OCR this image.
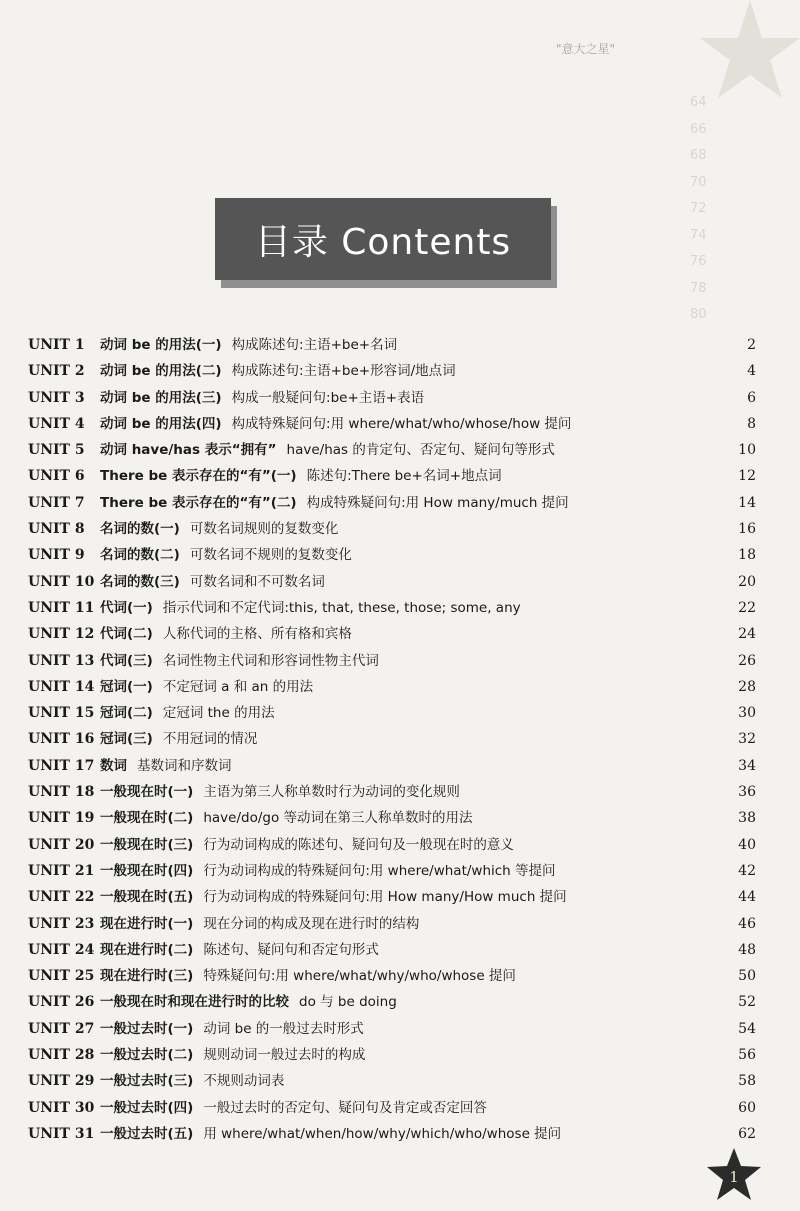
64
66
68
70
72
74
76
78
80
"意大之星"
目录 Contents
UNIT 1	动词 be 的用法(一) 构成陈述句:主语+be+名词	2
UNIT 2	动词 be 的用法(二) 构成陈述句:主语+be+形容词/地点词	4
UNIT 3	动词 be 的用法(三) 构成一般疑问句:be+主语+表语	6
UNIT 4	动词 be 的用法(四) 构成特殊疑问句:用 where/what/who/whose/how 提问	8
UNIT 5	动词 have/has 表示“拥有” have/has 的肯定句、否定句、疑问句等形式	10
UNIT 6	There be 表示存在的“有”(一) 陈述句:There be+名词+地点词	12
UNIT 7	There be 表示存在的“有”(二) 构成特殊疑问句:用 How many/much 提问	14
UNIT 8	名词的数(一) 可数名词规则的复数变化	16
UNIT 9	名词的数(二) 可数名词不规则的复数变化	18
UNIT 10 名词的数(三) 可数名词和不可数名词	20
UNIT 11 代词(一) 指示代词和不定代词:this, that, these, those; some, any	22
UNIT 12 代词(二) 人称代词的主格、所有格和宾格	24
UNIT 13 代词(三) 名词性物主代词和形容词性物主代词	26
UNIT 14 冠词(一) 不定冠词 a 和 an 的用法	28
UNIT 15 冠词(二) 定冠词 the 的用法	30
UNIT 16 冠词(三) 不用冠词的情况	32
UNIT 17 数词 基数词和序数词	34
UNIT 18 一般现在时(一) 主语为第三人称单数时行为动词的变化规则	36
UNIT 19 一般现在时(二) have/do/go 等动词在第三人称单数时的用法	38
UNIT 20 一般现在时(三) 行为动词构成的陈述句、疑问句及一般现在时的意义	40
UNIT 21 一般现在时(四) 行为动词构成的特殊疑问句:用 where/what/which 等提问	42
UNIT 22 一般现在时(五) 行为动词构成的特殊疑问句:用 How many/How much 提问	44
UNIT 23 现在进行时(一) 现在分词的构成及现在进行时的结构	46
UNIT 24 现在进行时(二) 陈述句、疑问句和否定句形式	48
UNIT 25 现在进行时(三) 特殊疑问句:用 where/what/why/who/whose 提问	50
UNIT 26 一般现在时和现在进行时的比较 do 与 be doing	52
UNIT 27 一般过去时(一) 动词 be 的一般过去时形式	54
UNIT 28 一般过去时(二) 规则动词一般过去时的构成	56
UNIT 29 一般过去时(三) 不规则动词表	58
UNIT 30 一般过去时(四) 一般过去时的否定句、疑问句及肯定或否定回答	60
UNIT 31 一般过去时(五) 用 where/what/when/how/why/which/who/whose 提问	62
1
